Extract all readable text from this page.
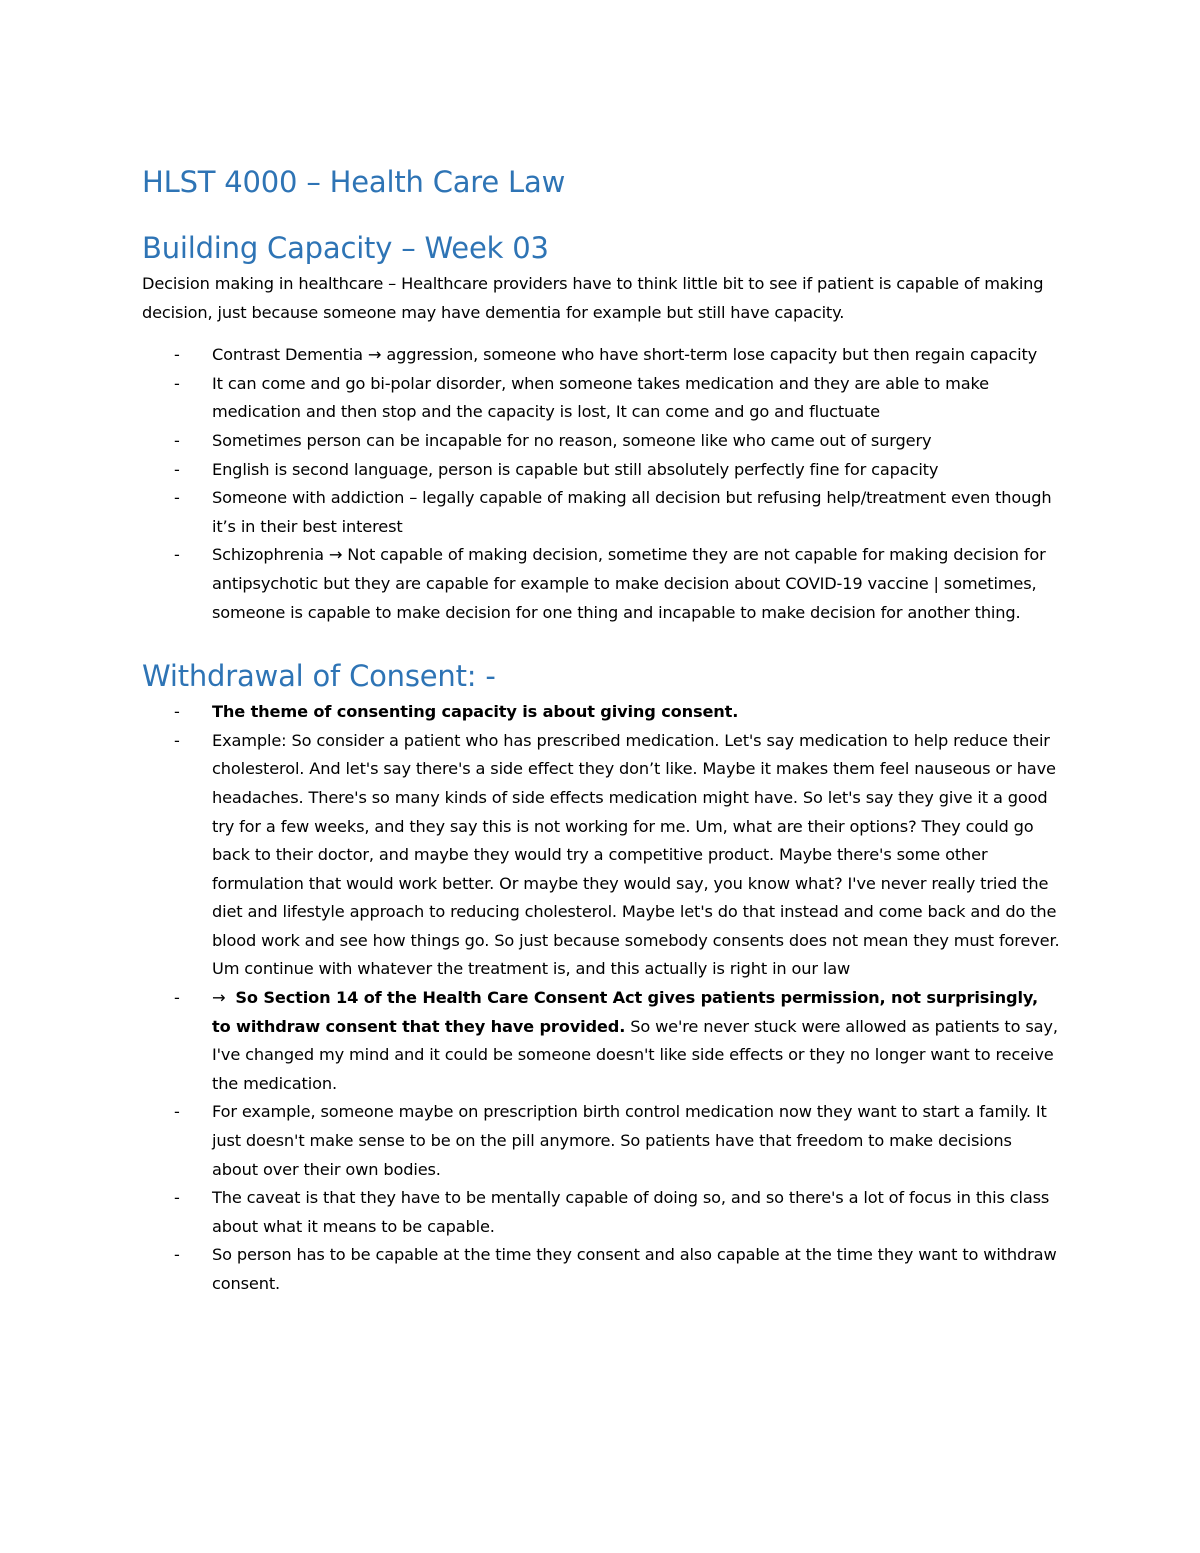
HLST 4000 – Health Care Law
Building Capacity – Week 03

Decision making in healthcare – Healthcare providers have to think little bit to see if patient is capable of making decision, just because someone may have dementia for example but still have capacity.

- Contrast Dementia → aggression, someone who have short-term lose capacity but then regain capacity
- It can come and go bi-polar disorder, when someone takes medication and they are able to make medication and then stop and the capacity is lost, It can come and go and fluctuate
- Sometimes person can be incapable for no reason, someone like who came out of surgery
- English is second language, person is capable but still absolutely perfectly fine for capacity
- Someone with addiction – legally capable of making all decision but refusing help/treatment even though it’s in their best interest
- Schizophrenia → Not capable of making decision, sometime they are not capable for making decision for antipsychotic but they are capable for example to make decision about COVID-19 vaccine | sometimes, someone is capable to make decision for one thing and incapable to make decision for another thing.
Withdrawal of Consent: -
- The theme of consenting capacity is about giving consent.
- Example: So consider a patient who has prescribed medication. Let's say medication to help reduce their cholesterol. And let's say there's a side effect they don’t like. Maybe it makes them feel nauseous or have headaches. There's so many kinds of side effects medication might have. So let's say they give it a good try for a few weeks, and they say this is not working for me. Um, what are their options? They could go back to their doctor, and maybe they would try a competitive product. Maybe there's some other formulation that would work better. Or maybe they would say, you know what? I've never really tried the diet and lifestyle approach to reducing cholesterol. Maybe let's do that instead and come back and do the blood work and see how things go. So just because somebody consents does not mean they must forever. Um continue with whatever the treatment is, and this actually is right in our law
- → So Section 14 of the Health Care Consent Act gives patients permission, not surprisingly, to withdraw consent that they have provided. So we're never stuck were allowed as patients to say, I've changed my mind and it could be someone doesn't like side effects or they no longer want to receive the medication.
- For example, someone maybe on prescription birth control medication now they want to start a family. It just doesn't make sense to be on the pill anymore. So patients have that freedom to make decisions about over their own bodies.
- The caveat is that they have to be mentally capable of doing so, and so there's a lot of focus in this class about what it means to be capable.
- So person has to be capable at the time they consent and also capable at the time they want to withdraw consent.
